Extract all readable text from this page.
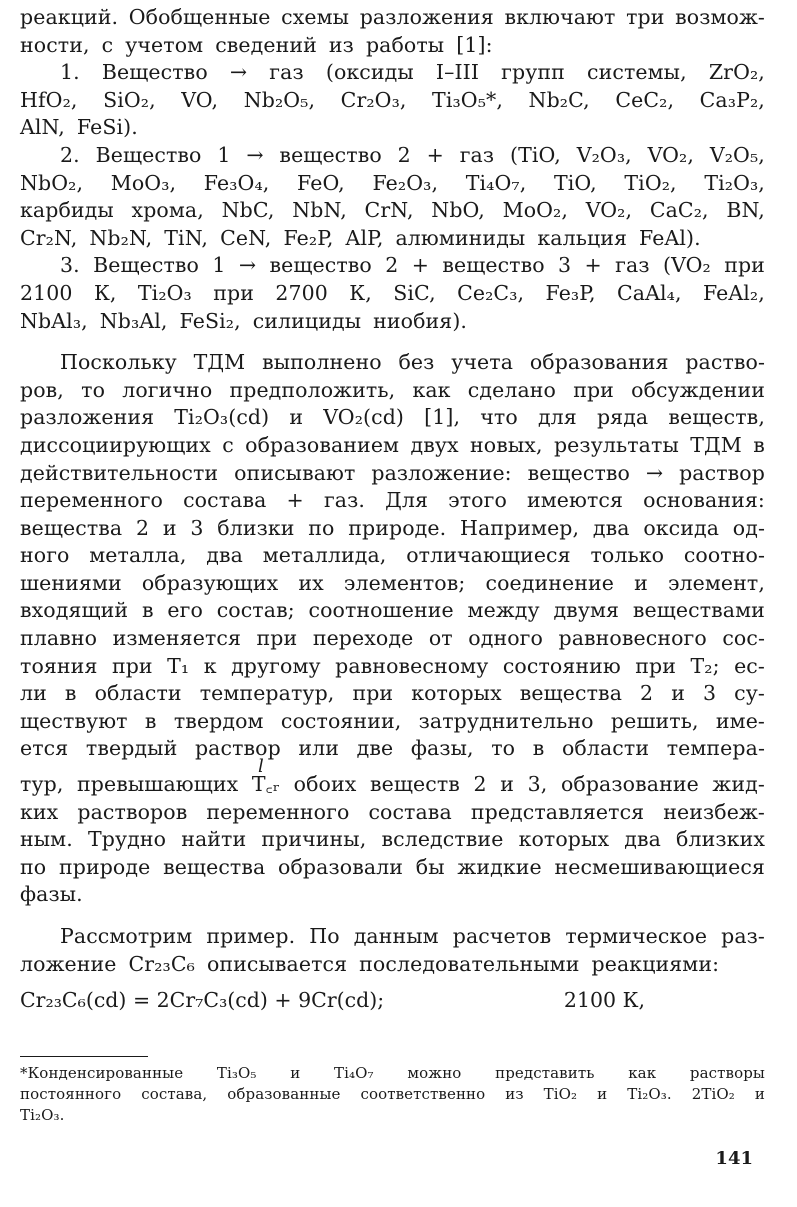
реакций. Обобщенные схемы разложения включают три возмож-
ности, с учетом сведений из работы [1]:
1. Вещество → газ (оксиды I–III групп системы, ZrO₂,
HfO₂, SiO₂, VO, Nb₂O₅, Cr₂O₃, Ti₃O₅*, Nb₂C, CeC₂, Ca₃P₂,
AlN, FeSi).
2. Вещество 1 → вещество 2 + газ (TiO, V₂O₃, VO₂, V₂O₅,
NbO₂, MoO₃, Fe₃O₄, FeO, Fe₂O₃, Ti₄O₇, TiO, TiO₂, Ti₂O₃,
карбиды хрома, NbC, NbN, CrN, NbO, MoO₂, VO₂, CaC₂, BN,
Cr₂N, Nb₂N, TiN, CeN, Fe₂P, AlP, алюминиды кальция FeAl).
3. Вещество 1 → вещество 2 + вещество 3 + газ (VO₂ при
2100 К, Ti₂O₃ при 2700 К, SiC, Ce₂C₃, Fe₃P, CaAl₄, FeAl₂,
NbAl₃, Nb₃Al, FeSi₂, силициды ниобия).
Поскольку ТДМ выполнено без учета образования раство-
ров, то логично предположить, как сделано при обсуждении
разложения Ti₂O₃(cd) и VO₂(cd) [1], что для ряда веществ,
диссоциирующих с образованием двух новых, результаты ТДМ в
действительности описывают разложение: вещество → раствор
переменного состава + газ. Для этого имеются основания:
вещества 2 и 3 близки по природе. Например, два оксида од-
ного металла, два металлида, отличающиеся только соотно-
шениями образующих их элементов; соединение и элемент,
входящий в его состав; соотношение между двумя веществами
плавно изменяется при переходе от одного равновесного сос-
тояния при T₁ к другому равновесному состоянию при T₂; ес-
ли в области температур, при которых вещества 2 и 3 су-
ществуют в твердом состоянии, затруднительно решить, име-
ется твердый раствор или две фазы, то в области темпера-
тур, превышающих T꜀ᵣ обоих веществ 2 и 3, образование жид-
ких растворов переменного состава представляется неизбеж-
ным. Трудно найти причины, вследствие которых два близких
по природе вещества образовали бы жидкие несмешивающиеся
фазы.
Рассмотрим пример. По данным расчетов термическое раз-
ложение Cr₂₃C₆ описывается последовательными реакциями:
Cr₂₃C₆(cd) = 2Cr₇C₃(cd) + 9Cr(cd);	2100 К,
*Конденсированные Ti₃O₅ и Ti₄O₇ можно представить как растворы
постоянного состава, образованные соответственно из TiO₂ и Ti₂O₃. 2TiO₂ и
Ti₂O₃.
l
141
